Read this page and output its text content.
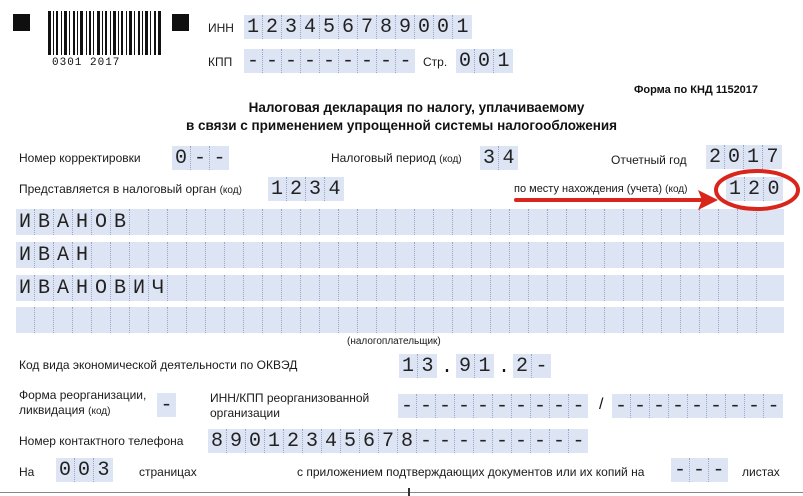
0301 2017
ИНН 1 2 3 4 5 6 7 8 9 0 0 1
КПП - - - - - - - - - Стр. 0 0 1
Форма по КНД 1152017
Налоговая декларация по налогу, уплачиваемому
в связи с применением упрощенной системы налогообложения
Номер корректировки 0 - -	Налоговый период (код) 3 4	Отчетный год 2 0 1 7
Представляется в налоговый орган (код) 1 2 3 4	по месту нахождения (учета) (код) 1 2 0
И В А Н О В
И В А Н
И В А Н О В И Ч
(налогоплательщик)
Код вида экономической деятельности по ОКВЭД	1 3 . 9 1 . 2 -
Форма реорганизации,
ликвидация (код)	-	ИНН/КПП реорганизованной
организации	- - - - - - - - - - / - - - - - - - - -
Номер контактного телефона 8 9 0 1 2 3 4 5 6 7 8 - - - - - - - - -
На 0 0 3 страницах	с приложением подтверждающих документов или их копий на - - - листах
